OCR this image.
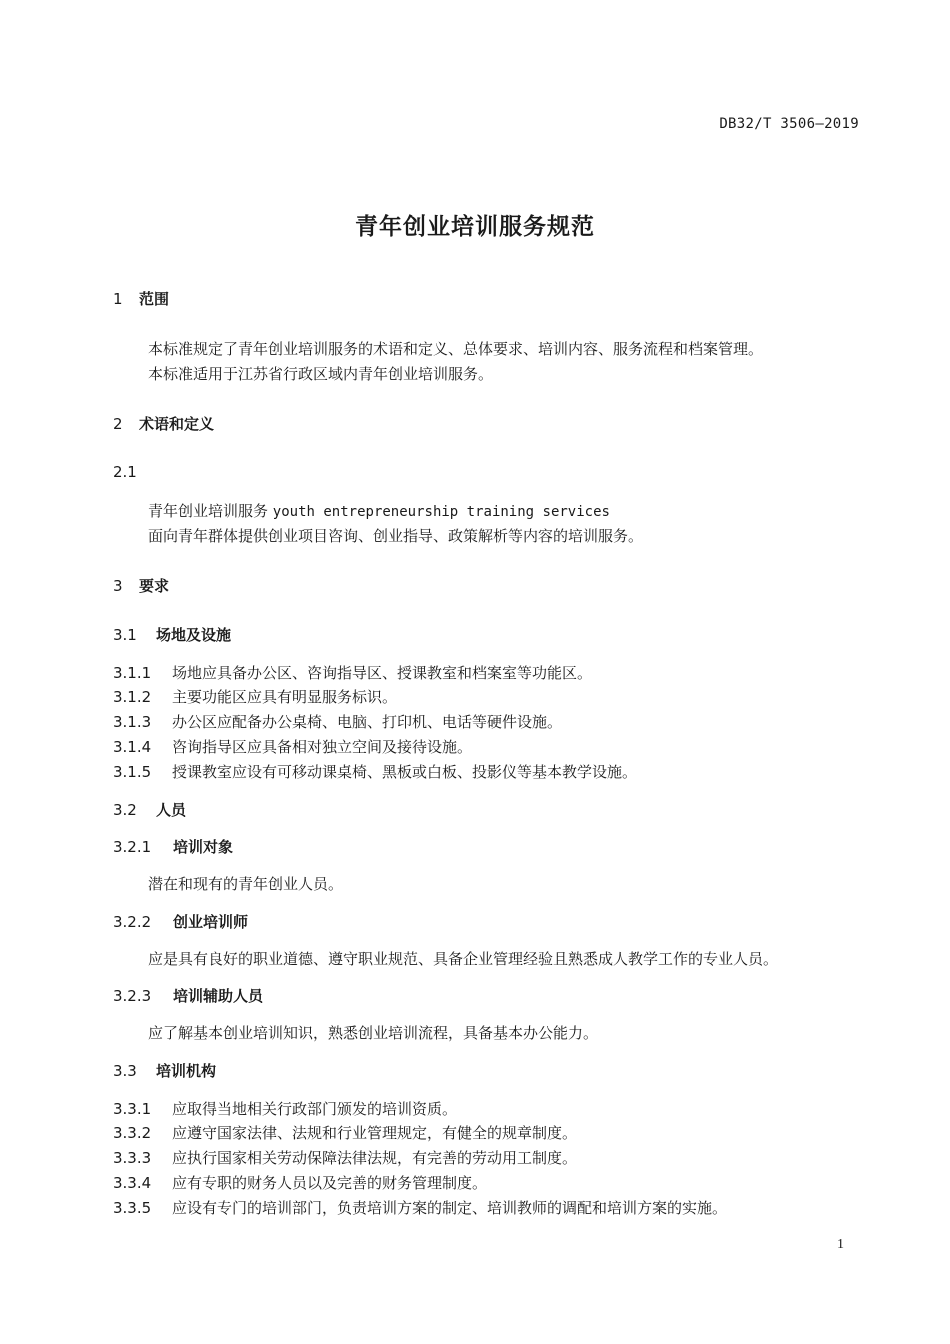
DB32/T 3506—2019
青年创业培训服务规范
1 范围
本标准规定了青年创业培训服务的术语和定义、总体要求、培训内容、服务流程和档案管理。
本标准适用于江苏省行政区域内青年创业培训服务。
2 术语和定义
2.1
青年创业培训服务 youth entrepreneurship training services
面向青年群体提供创业项目咨询、创业指导、政策解析等内容的培训服务。
3 要求
3.1 场地及设施
3.1.1 场地应具备办公区、咨询指导区、授课教室和档案室等功能区。
3.1.2 主要功能区应具有明显服务标识。
3.1.3 办公区应配备办公桌椅、电脑、打印机、电话等硬件设施。
3.1.4 咨询指导区应具备相对独立空间及接待设施。
3.1.5 授课教室应设有可移动课桌椅、黑板或白板、投影仪等基本教学设施。
3.2 人员
3.2.1 培训对象
潜在和现有的青年创业人员。
3.2.2 创业培训师
应是具有良好的职业道德、遵守职业规范、具备企业管理经验且熟悉成人教学工作的专业人员。
3.2.3 培训辅助人员
应了解基本创业培训知识，熟悉创业培训流程，具备基本办公能力。
3.3 培训机构
3.3.1 应取得当地相关行政部门颁发的培训资质。
3.3.2 应遵守国家法律、法规和行业管理规定，有健全的规章制度。
3.3.3 应执行国家相关劳动保障法律法规，有完善的劳动用工制度。
3.3.4 应有专职的财务人员以及完善的财务管理制度。
3.3.5 应设有专门的培训部门，负责培训方案的制定、培训教师的调配和培训方案的实施。
1
